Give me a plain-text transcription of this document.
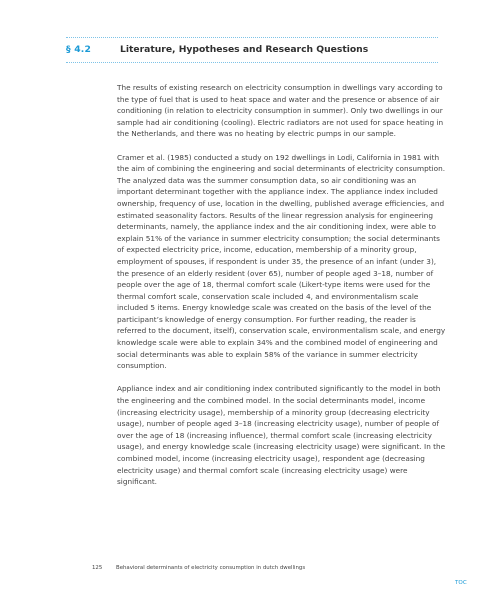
§ 4.2	Literature, Hypotheses and Research Questions

The results of existing research on electricity consumption in dwellings vary according to the type of fuel that is used to heat space and water and the presence or absence of air conditioning (in relation to electricity consumption in summer). Only two dwellings in our sample had air conditioning (cooling). Electric radiators are not used for space heating in the Netherlands, and there was no heating by electric pumps in our sample.

Cramer et al. (1985) conducted a study on 192 dwellings in Lodi, California in 1981 with the aim of combining the engineering and social determinants of electricity consumption. The analyzed data was the summer consumption data, so air conditioning was an important determinant together with the appliance index. The appliance index included ownership, frequency of use, location in the dwelling, published average efficiencies, and estimated seasonality factors. Results of the linear regression analysis for engineering determinants, namely, the appliance index and the air conditioning index, were able to explain 51% of the variance in summer electricity consumption; the social determinants of expected electricity price, income, education, membership of a minority group, employment of spouses, if respondent is under 35, the presence of an infant (under 3), the presence of an elderly resident (over 65), number of people aged 3–18, number of people over the age of 18, thermal comfort scale (Likert-type items were used for the thermal comfort scale, conservation scale included 4, and environmentalism scale included 5 items. Energy knowledge scale was created on the basis of the level of the participant’s knowledge of energy consumption. For further reading, the reader is referred to the document, itself), conservation scale, environmentalism scale, and energy knowledge scale were able to explain 34% and the combined model of engineering and social determinants was able to explain 58% of the variance in summer electricity consumption.

Appliance index and air conditioning index contributed significantly to the model in both the engineering and the combined model. In the social determinants model, income (increasing electricity usage), membership of a minority group (decreasing electricity usage), number of people aged 3–18 (increasing electricity usage), number of people of over the age of 18 (increasing influence), thermal comfort scale (increasing electricity usage), and energy knowledge scale (increasing electricity usage) were significant. In the combined model, income (increasing electricity usage), respondent age (decreasing electricity usage) and thermal comfort scale (increasing electricity usage) were significant.

125	Behavioral determinants of electricity consumption in dutch dwellings
TOC
